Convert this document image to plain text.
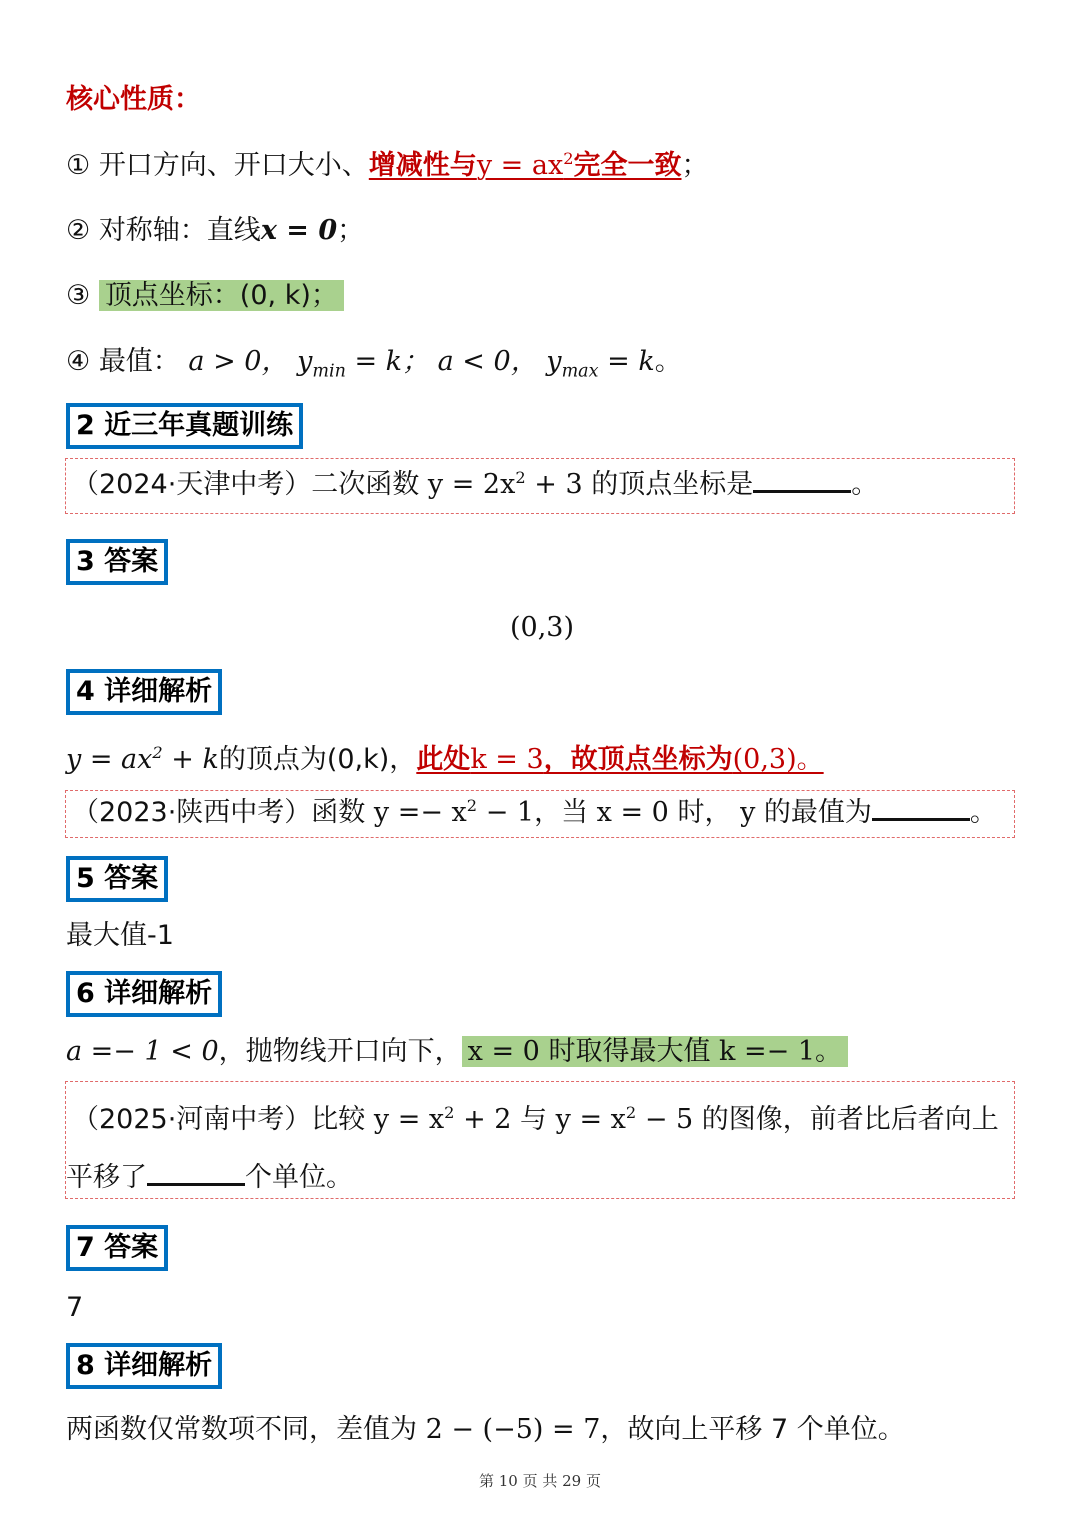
核心性质：
① 开口方向、开口大小、增减性与$y = ax^2$完全一致；
② 对称轴：直线x = 0；
③ 顶点坐标：(0, k)；
④ 最值： a > 0， $y_{min} = k$； a < 0， $y_{max} = k$。
2 近三年真题训练
（2024·天津中考）二次函数 $y = 2x^2 + 3$ 的顶点坐标是	。
3 答案
(0,3)
4 详细解析
$y = ax^2 + k$的顶点为(0,k)，此处k = 3，故顶点坐标为(0,3)。
（2023·陕西中考）函数 $y =- x^2 - 1$，当 x = 0 时， y 的最值为	。
5 答案
最大值-1
6 详细解析
a =− 1 < 0，抛物线开口向下， x = 0 时取得最大值 k =− 1。
（2025·河南中考）比较 $y = x^2 + 2$ 与 $y = x^2 - 5$ 的图像，前者比后者向上
平移了	个单位。
7 答案
7
8 详细解析
两函数仅常数项不同，差值为 2 − (−5) = 7，故向上平移 7 个单位。
第 10 页 共 29 页
